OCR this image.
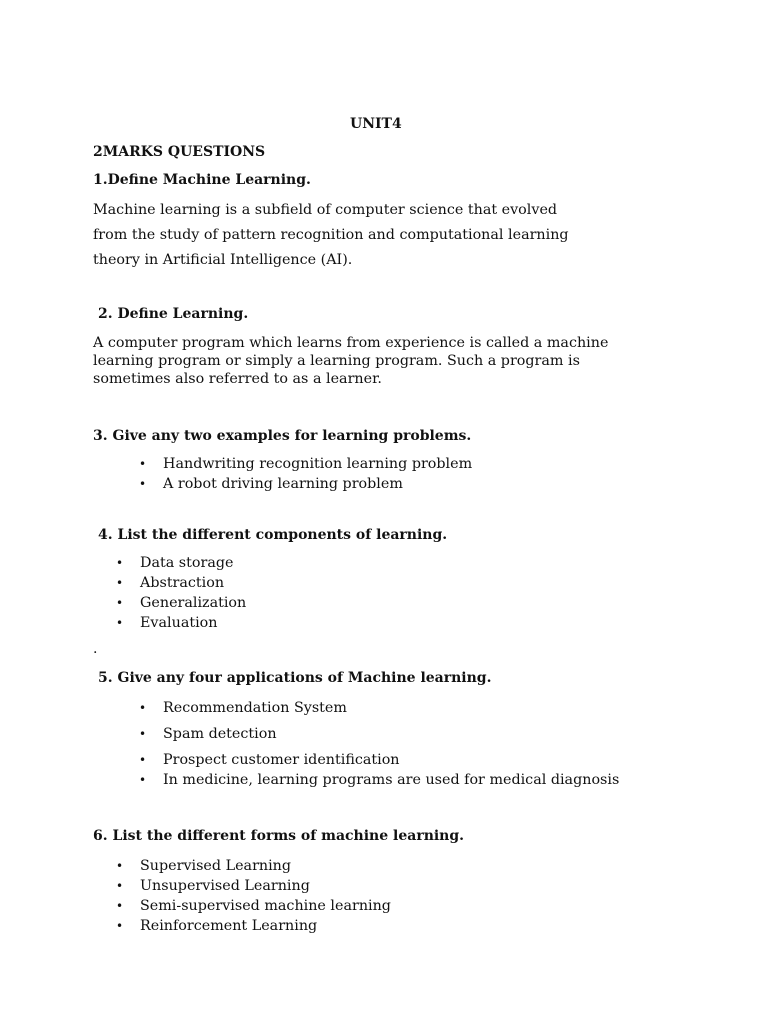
UNIT4
2MARKS QUESTIONS
1.Define Machine Learning.
Machine learning is a subfield of computer science that evolved
from the study of pattern recognition and computational learning
theory in Artificial Intelligence (AI).
2. Define Learning.
A computer program which learns from experience is called a machine
learning program or simply a learning program. Such a program is
sometimes also referred to as a learner.
3. Give any two examples for learning problems.
• Handwriting recognition learning problem
• A robot driving learning problem
4. List the different components of learning.
• Data storage
• Abstraction
• Generalization
• Evaluation
.
5. Give any four applications of Machine learning.
• Recommendation System
• Spam detection
• Prospect customer identification
• In medicine, learning programs are used for medical diagnosis
6. List the different forms of machine learning.
• Supervised Learning
• Unsupervised Learning
• Semi-supervised machine learning
• Reinforcement Learning
